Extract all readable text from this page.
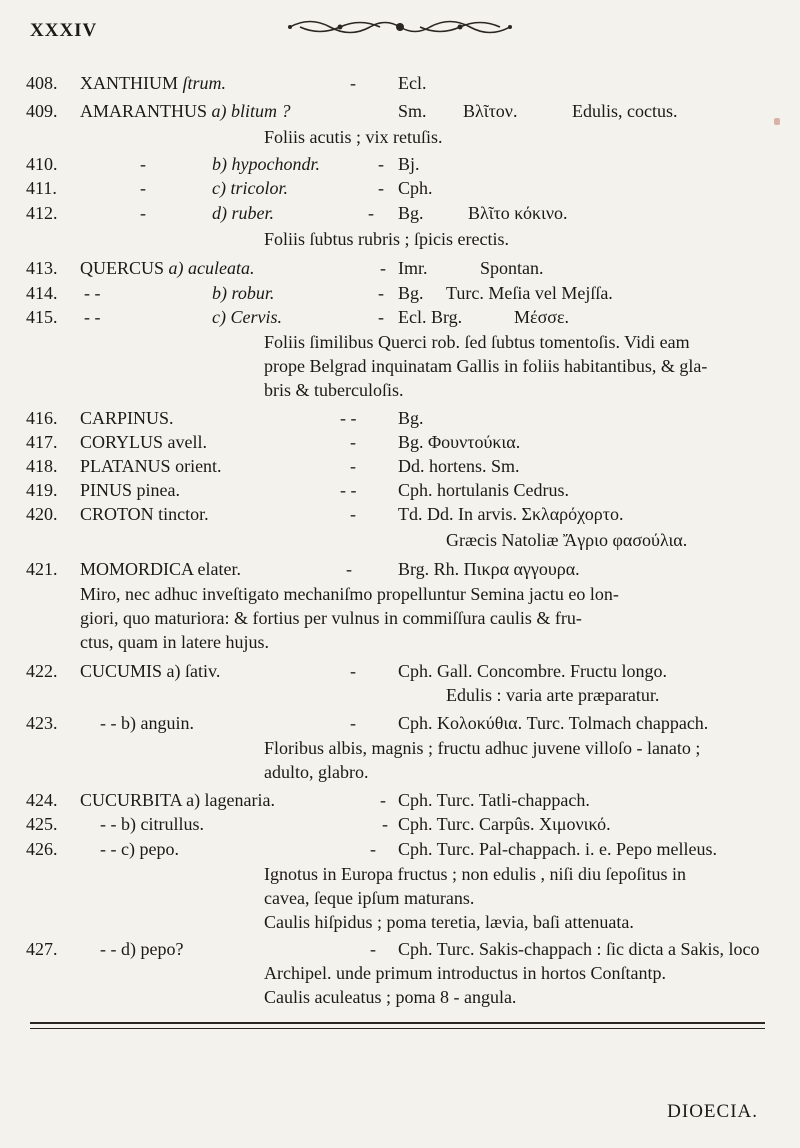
XXXIV
408. XANTHIUM ſtrum.	- Ecl.
409. AMARANTHUS a) blitum ?	Sm. Βλῖτον.	Edulis, coctus.
Foliis acutis ; vix retuſis.
410.	-	b) hypochondr.	- Bj.
411.	-	c) tricolor.	- Cph.
412.	-	d) ruber.	- Bg. Βλῖτο κόκινο.
Foliis ſubtus rubris ; ſpicis erectis.
413. QUERCUS a) aculeata.	- Imr.	Spontan.
414. - -	b) robur.	- Bg. Turc. Meſia vel Mejſſa.
415. - -	c) Cervis.	- Ecl. Brg.	Μέσσε.
Foliis ſimilibus Querci rob. ſed ſubtus tomentoſis. Vidi eam
prope Belgrad inquinatam Gallis in foliis habitantibus, & gla-
bris & tuberculoſis.
416. CARPINUS.	- - Bg.
417. CORYLUS avell.	- Bg. Φουντούκια.
418. PLATANUS orient.	- Dd. hortens. Sm.
419. PINUS pinea.	- - Cph. hortulanis Cedrus.
420. CROTON tinctor.	- Td. Dd. In arvis. Σκλαρόχορτο.
Græcis Natoliæ Ἄγριο φασούλια.
421. MOMORDICA elater.	-	Brg. Rh. Πικρα αγγουρα.
Miro, nec adhuc inveſtigato mechaniſmo propelluntur Semina jactu eo lon-
giori, quo maturiora: & fortius per vulnus in commiſſura caulis & fru-
ctus, quam in latere hujus.
422. CUCUMIS a) ſativ.	- Cph. Gall. Concombre. Fructu longo.
Edulis : varia arte præparatur.
423. - - b) anguin.	- Cph. Κολοκύθια. Turc. Tolmach chappach.
Floribus albis, magnis ; fructu adhuc juvene villoſo - lanato ;
adulto, glabro.
424. CUCURBITA a) lagenaria.	- Cph. Turc. Tatli-chappach.
425. - - b) citrullus.	- Cph. Turc. Carpûs. Χιμονικό.
426. - - c) pepo.	- Cph. Turc. Pal-chappach. i. e. Pepo melleus.
Ignotus in Europa fructus ; non edulis , niſi diu ſepoſitus in
cavea, ſeque ipſum maturans.
Caulis hiſpidus ; poma teretia, lævia, baſi attenuata.
427. - - d) pepo?	- Cph. Turc. Sakis-chappach : ſic dicta a Sakis, loco
Archipel. unde primum introductus in hortos Conſtantp.
Caulis aculeatus ; poma 8 - angula.
DIOECIA.
